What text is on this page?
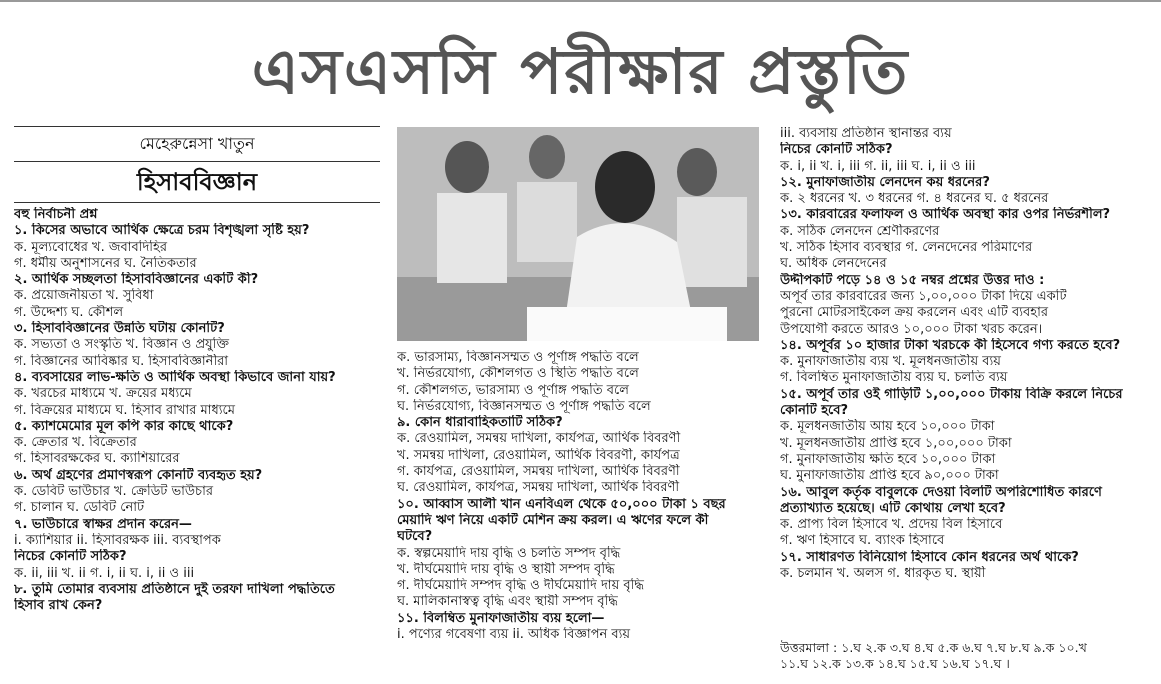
এসএসসি পরীক্ষার প্রস্তুতি
মেহেরুন্নেসা খাতুন
হিসাববিজ্ঞান

বহু নির্বাচনী প্রশ্ন

১. কিসের অভাবে আর্থিক ক্ষেত্রে চরম বিশৃঙ্খলা সৃষ্টি হয়?

ক. মূল্যবোধের খ. জবাবদিহির

গ. ধর্মীয় অনুশাসনের ঘ. নৈতিকতার

২. আর্থিক সচ্ছলতা হিসাববিজ্ঞানের একটি কী?

ক. প্রয়োজনীয়তা খ. সুবিধা

গ. উদ্দেশ্য ঘ. কৌশল

৩. হিসাববিজ্ঞানের উন্নতি ঘটায় কোনটি?

ক. সভ্যতা ও সংস্কৃতি খ. বিজ্ঞান ও প্রযুক্তি

গ. বিজ্ঞানের আবিষ্কার ঘ. হিসাববিজ্ঞানীরা

৪. ব্যবসায়ের লাভ-ক্ষতি ও আর্থিক অবস্থা কিভাবে জানা যায়?

ক. খরচের মাধ্যমে খ. ক্রয়ের মধ্যমে

গ. বিক্রয়ের মাধ্যমে ঘ. হিসাব রাখার মাধ্যমে

৫. ক্যাশমেমোর মূল কপি কার কাছে থাকে?

ক. ক্রেতার খ. বিক্রেতার

গ. হিসাবরক্ষকের ঘ. ক্যাশিয়ারের

৬. অর্থ গ্রহণের প্রমাণস্বরূপ কোনটি ব্যবহৃত হয়?

ক. ডেবিট ভাউচার খ. ক্রেডিট ভাউচার

গ. চালান ঘ. ডেবিট নোট

৭. ভাউচারে স্বাক্ষর প্রদান করেন—

i. ক্যাশিয়ার ii. হিসাবরক্ষক iii. ব্যবস্থাপক

নিচের কোনটি সঠিক?

ক. ii, iii খ. ii গ. i, ii ঘ. i, ii ও iii

৮. তুমি তোমার ব্যবসায় প্রতিষ্ঠানে দুই তরফা দাখিলা পদ্ধতিতে

হিসাব রাখ কেন?

ক. ভারসাম্য, বিজ্ঞানসম্মত ও পূর্ণাঙ্গ পদ্ধতি বলে

খ. নির্ভরযোগ্য, কৌশলগত ও স্থিতি পদ্ধতি বলে

গ. কৌশলগত, ভারসাম্য ও পূর্ণাঙ্গ পদ্ধতি বলে

ঘ. নির্ভরযোগ্য, বিজ্ঞানসম্মত ও পূর্ণাঙ্গ পদ্ধতি বলে

৯. কোন ধারাবাহিকতাটি সঠিক?

ক. রেওয়ামিল, সমন্বয় দাখিলা, কার্যপত্র, আর্থিক বিবরণী

খ. সমন্বয় দাখিলা, রেওয়ামিল, আর্থিক বিবরণী, কার্যপত্র

গ. কার্যপত্র, রেওয়ামিল, সমন্বয় দাখিলা, আর্থিক বিবরণী

ঘ. রেওয়ামিল, কার্যপত্র, সমন্বয় দাখিলা, আর্থিক বিবরণী

১০. আব্বাস আলী খান এনবিএল থেকে ৫০,০০০ টাকা ১ বছর

মেয়াদি ঋণ নিয়ে একটি মেশিন ক্রয় করল। এ ঋণের ফলে কী

ঘটবে?

ক. স্বল্পমেয়াদি দায় বৃদ্ধি ও চলতি সম্পদ বৃদ্ধি

খ. দীর্ঘমেয়াদি দায় বৃদ্ধি ও স্থায়ী সম্পদ বৃদ্ধি

গ. দীর্ঘমেয়াদি সম্পদ বৃদ্ধি ও দীর্ঘমেয়াদি দায় বৃদ্ধি

ঘ. মালিকানাস্বত্ব বৃদ্ধি এবং স্থায়ী সম্পদ বৃদ্ধি

১১. বিলম্বিত মুনাফাজাতীয় ব্যয় হলো—

i. পণ্যের গবেষণা ব্যয় ii. অধিক বিজ্ঞাপন ব্যয়

iii. ব্যবসায় প্রতিষ্ঠান স্থানান্তর ব্যয়

নিচের কোনটি সঠিক?

ক. i, ii খ. i, iii গ. ii, iii ঘ. i, ii ও iii

১২. মুনাফাজাতীয় লেনদেন কয় ধরনের?

ক. ২ ধরনের খ. ৩ ধরনের গ. ৪ ধরনের ঘ. ৫ ধরনের

১৩. কারবারের ফলাফল ও আর্থিক অবস্থা কার ওপর নির্ভরশীল?

ক. সঠিক লেনদেন শ্রেণীকরণের

খ. সঠিক হিসাব ব্যবস্থার গ. লেনদেনের পরিমাণের

ঘ. অধিক লেনদেনের

উদ্দীপকটি পড়ে ১৪ ও ১৫ নম্বর প্রশ্নের উত্তর দাও :

অপূর্ব তার কারবারের জন্য ১,০০,০০০ টাকা দিয়ে একটি

পুরনো মোটরসাইকেল ক্রয় করলেন এবং এটি ব্যবহার

উপযোগী করতে আরও ১০,০০০ টাকা খরচ করেন।

১৪. অপূর্বর ১০ হাজার টাকা খরচকে কী হিসেবে গণ্য করতে হবে?

ক. মুনাফাজাতীয় ব্যয় খ. মূলধনজাতীয় ব্যয়

গ. বিলম্বিত মুনাফাজাতীয় ব্যয় ঘ. চলতি ব্যয়

১৫. অপূর্ব তার ওই গাড়িটি ১,০০,০০০ টাকায় বিক্রি করলে নিচের

কোনটি হবে?

ক. মূলধনজাতীয় আয় হবে ১০,০০০ টাকা

খ. মূলধনজাতীয় প্রাপ্তি হবে ১,০০,০০০ টাকা

গ. মুনাফাজাতীয় ক্ষতি হবে ১০,০০০ টাকা

ঘ. মুনাফাজাতীয় প্রাপ্তি হবে ৯০,০০০ টাকা

১৬. আবুল কর্তৃক বাবুলকে দেওয়া বিলটি অপরিশোধিত কারণে

প্রত্যাখ্যাত হয়েছে। এটি কোথায় লেখা হবে?

ক. প্রাপ্য বিল হিসাবে খ. প্রদেয় বিল হিসাবে

গ. ঋণ হিসাবে ঘ. ব্যাংক হিসাবে

১৭. সাধারণত বিনিয়োগ হিসাবে কোন ধরনের অর্থ থাকে?

ক. চলমান খ. অলস গ. ধারকৃত ঘ. স্থায়ী

উত্তরমালা : ১.ঘ ২.ক ৩.ঘ ৪.ঘ ৫.ক ৬.ঘ ৭.ঘ ৮.ঘ ৯.ক ১০.খ

১১.ঘ ১২.ক ১৩.ক ১৪.ঘ ১৫.ঘ ১৬.ঘ ১৭.ঘ ।
